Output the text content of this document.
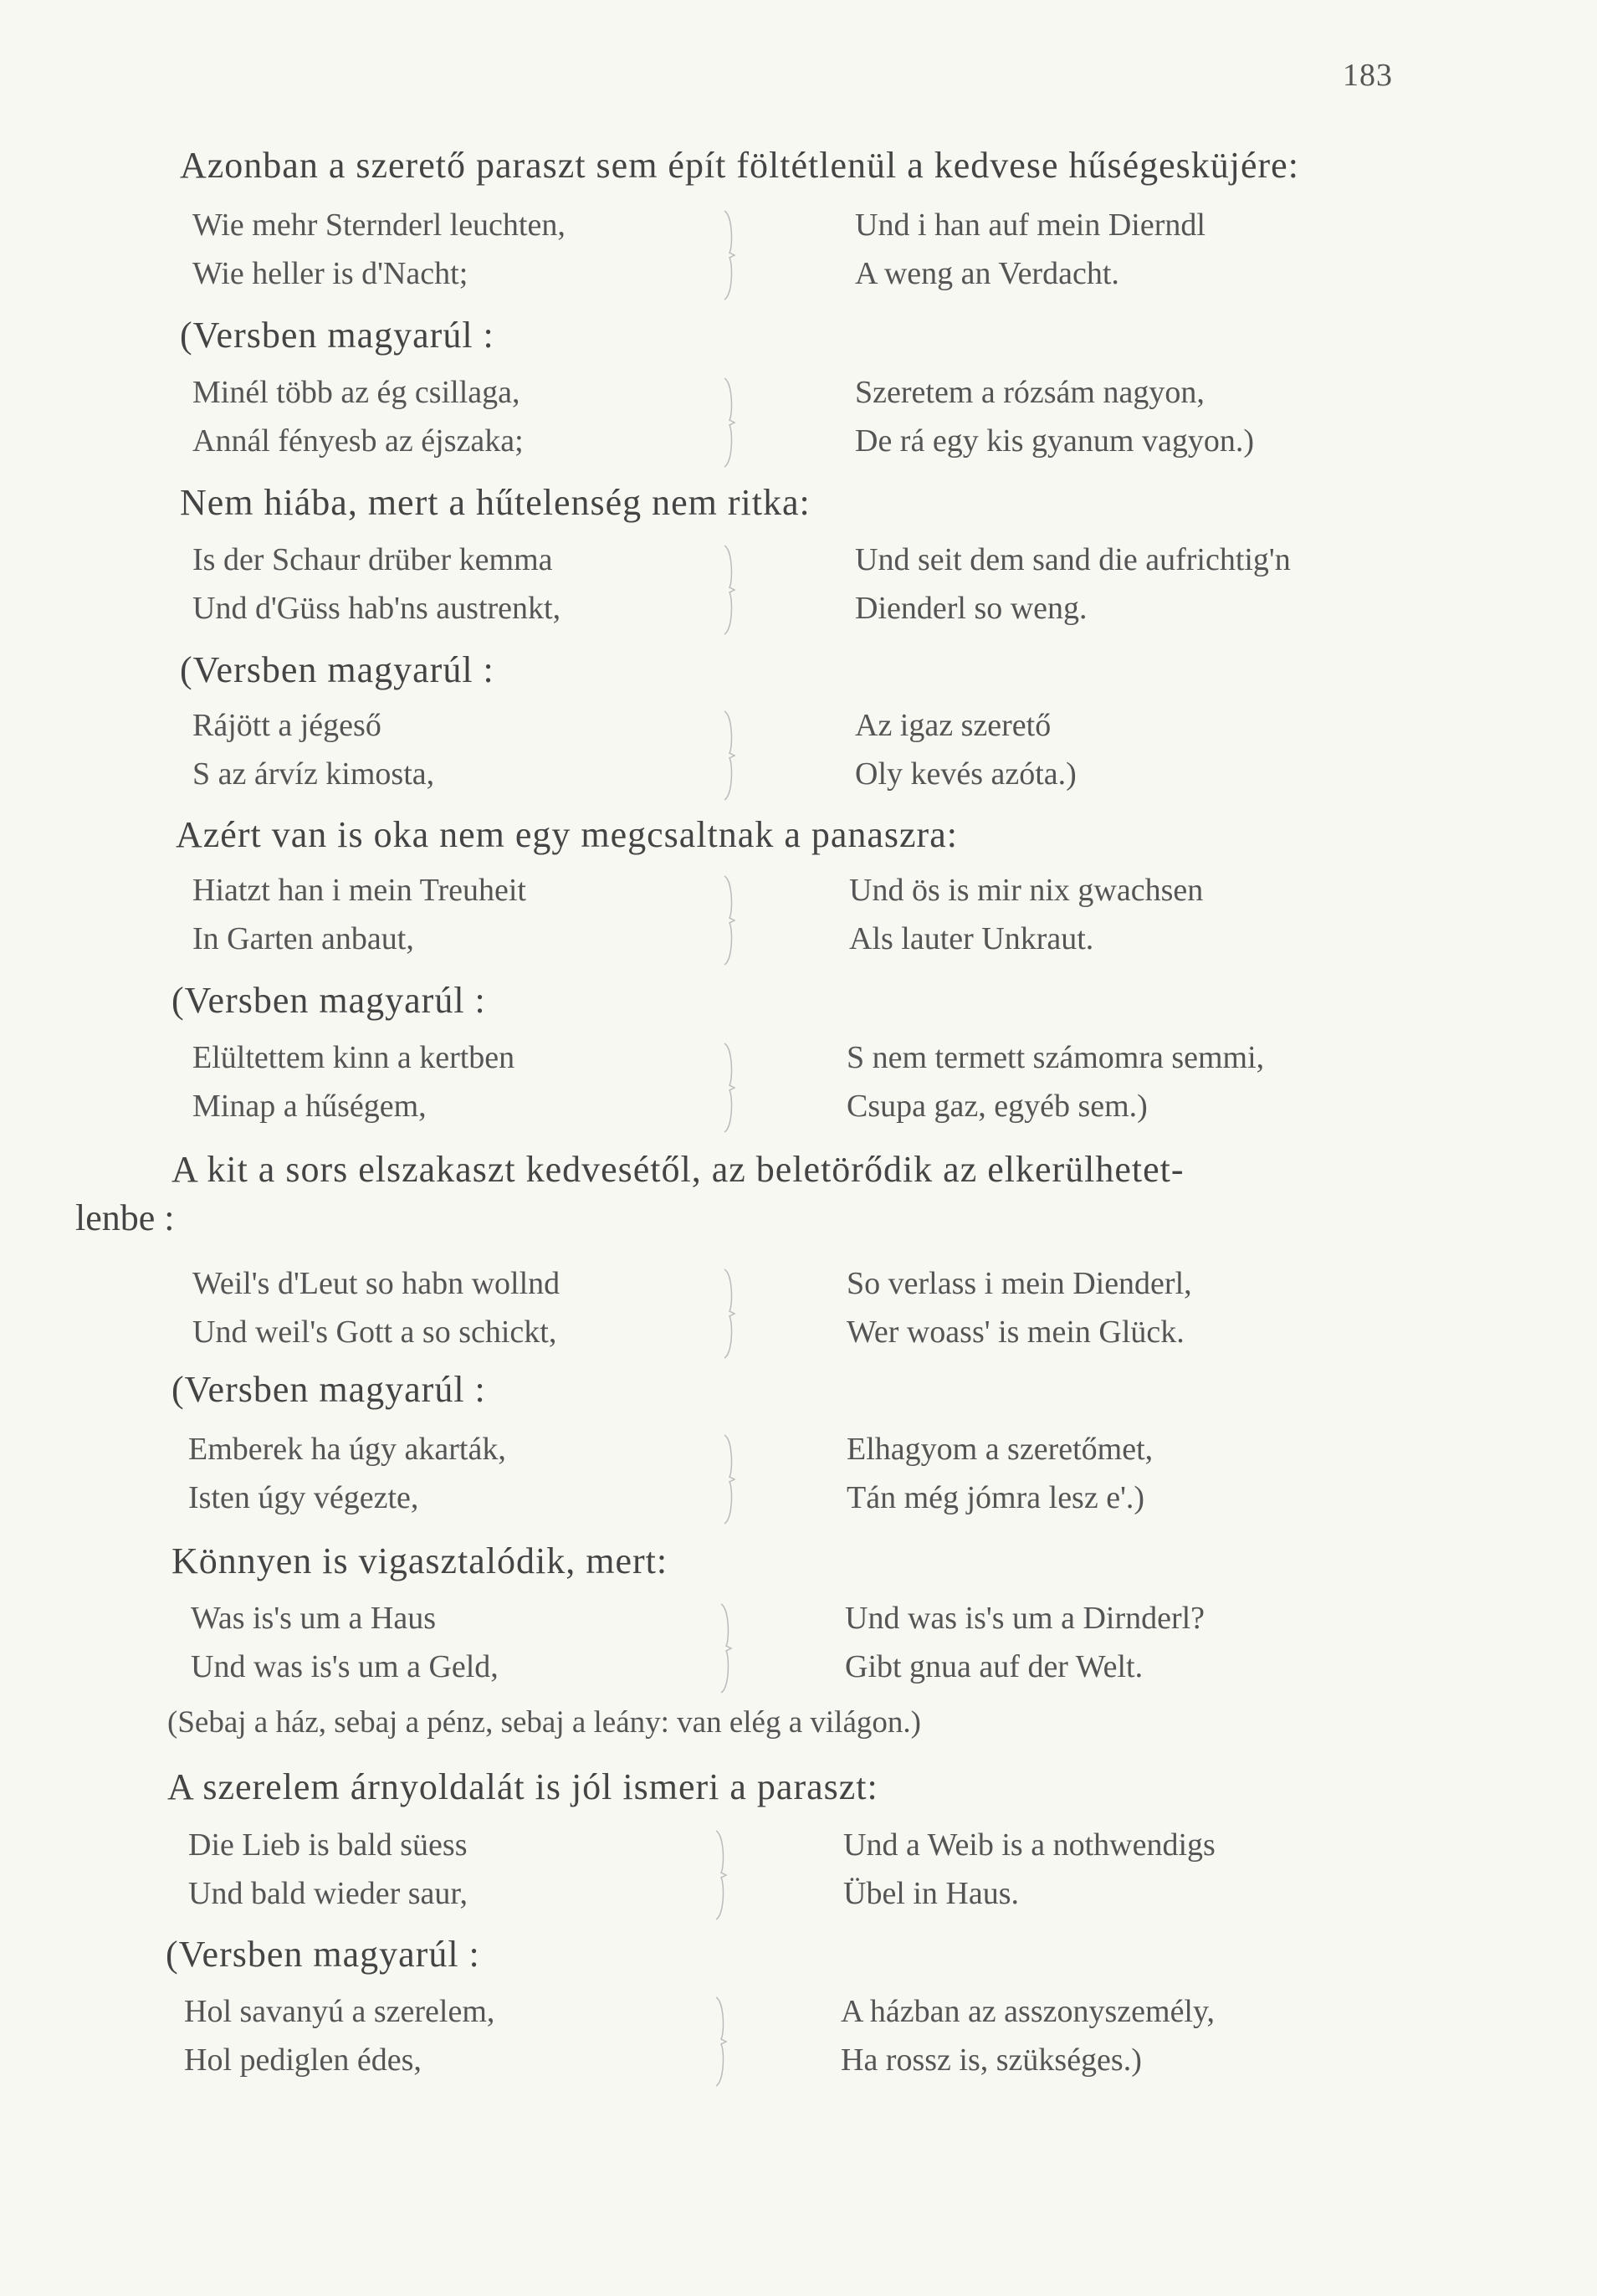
183
Azonban a szerető paraszt sem épít föltétlenül a kedvese hűségesküjére:
Wie mehr Sternderl leuchten,
Wie heller is d'Nacht;
Und i han auf mein Dierndl
A weng an Verdacht.
(Versben magyarúl :
Minél több az ég csillaga,
Annál fényesb az éjszaka;
Szeretem a rózsám nagyon,
De rá egy kis gyanum vagyon.)
Nem hiába, mert a hűtelenség nem ritka:
Is der Schaur drüber kemma
Und d'Güss hab'ns austrenkt,
Und seit dem sand die aufrichtig'n
Dienderl so weng.
(Versben magyarúl :
Rájött a jégeső
S az árvíz kimosta,
Az igaz szerető
Oly kevés azóta.)
Azért van is oka nem egy megcsaltnak a panaszra:
Hiatzt han i mein Treuheit
In Garten anbaut,
Und ös is mir nix gwachsen
Als lauter Unkraut.
(Versben magyarúl :
Elültettem kinn a kertben
Minap a hűségem,
S nem termett számomra semmi,
Csupa gaz, egyéb sem.)
A kit a sors elszakaszt kedvesétől, az beletörődik az elkerülhetet-
lenbe :
Weil's d'Leut so habn wollnd
Und weil's Gott a so schickt,
So verlass i mein Dienderl,
Wer woass' is mein Glück.
(Versben magyarúl :
Emberek ha úgy akarták,
Isten úgy végezte,
Elhagyom a szeretőmet,
Tán még jómra lesz e'.)
Könnyen is vigasztalódik, mert:
Was is's um a Haus
Und was is's um a Geld,
Und was is's um a Dirnderl?
Gibt gnua auf der Welt.
(Sebaj a ház, sebaj a pénz, sebaj a leány: van elég a világon.)
A szerelem árnyoldalát is jól ismeri a paraszt:
Die Lieb is bald süess
Und bald wieder saur,
Und a Weib is a nothwendigs
Übel in Haus.
(Versben magyarúl :
Hol savanyú a szerelem,
Hol pediglen édes,
A házban az asszonyszemély,
Ha rossz is, szükséges.)
